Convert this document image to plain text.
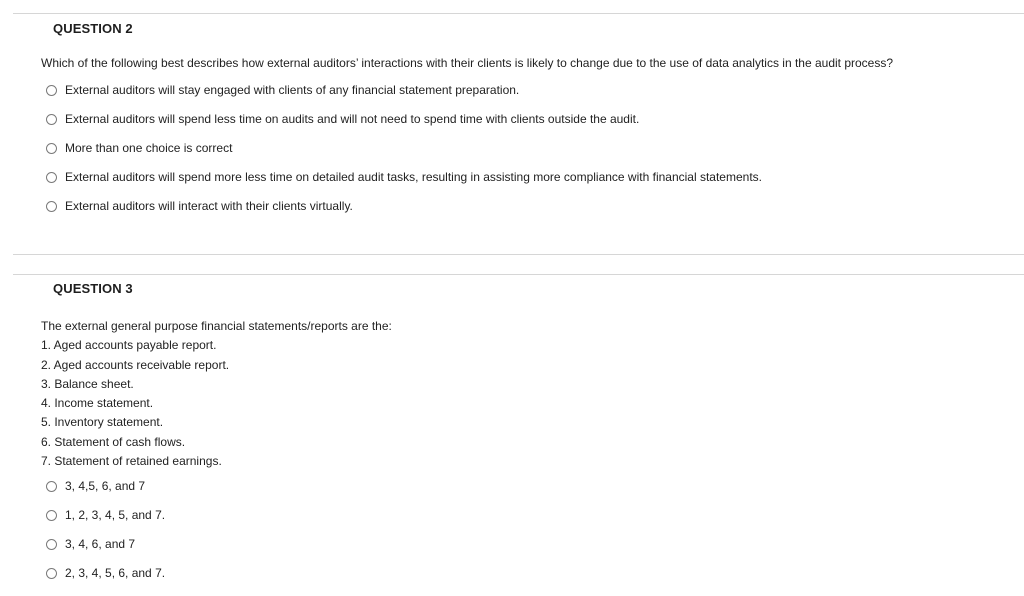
QUESTION 2
Which of the following best describes how external auditors’ interactions with their clients is likely to change due to the use of data analytics in the audit process?
External auditors will stay engaged with clients of any financial statement preparation.
External auditors will spend less time on audits and will not need to spend time with clients outside the audit.
More than one choice is correct
External auditors will spend more less time on detailed audit tasks, resulting in assisting more compliance with financial statements.
External auditors will interact with their clients virtually.
QUESTION 3
The external general purpose financial statements/reports are the:
1. Aged accounts payable report.
2. Aged accounts receivable report.
3. Balance sheet.
4. Income statement.
5. Inventory statement.
6. Statement of cash flows.
7. Statement of retained earnings.
3, 4,5, 6, and 7
1, 2, 3, 4, 5, and 7.
3, 4, 6, and 7
2, 3, 4, 5, 6, and 7.
